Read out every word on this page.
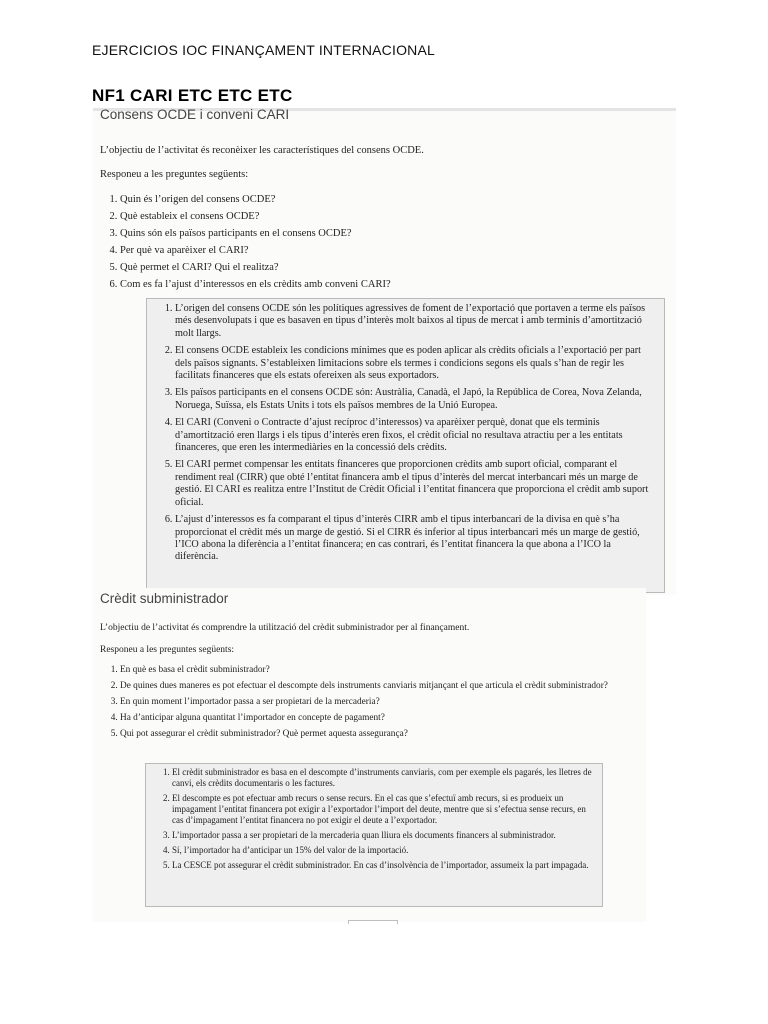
EJERCICIOS IOC FINANÇAMENT INTERNACIONAL
NF1 CARI ETC ETC ETC
Consens OCDE i conveni CARI
L’objectiu de l’activitat és reconèixer les característiques del consens OCDE.
Responeu a les preguntes següents:
1. Quin és l’origen del consens OCDE?
2. Què estableix el consens OCDE?
3. Quins són els països participants en el consens OCDE?
4. Per què va aparèixer el CARI?
5. Què permet el CARI? Qui el realitza?
6. Com es fa l’ajust d’interessos en els crèdits amb conveni CARI?
1. L’origen del consens OCDE són les polítiques agressives de foment de l’exportació que portaven a terme els països més desenvolupats i que es basaven en tipus d’interès molt baixos al tipus de mercat i amb terminis d’amortització molt llargs.
2. El consens OCDE estableix les condicions mínimes que es poden aplicar als crèdits oficials a l’exportació per part dels països signants. S’estableixen limitacions sobre els termes i condicions segons els quals s’han de regir les facilitats financeres que els estats ofereixen als seus exportadors.
3. Els països participants en el consens OCDE són: Austràlia, Canadà, el Japó, la República de Corea, Nova Zelanda, Noruega, Suïssa, els Estats Units i tots els països membres de la Unió Europea.
4. El CARI (Conveni o Contracte d’ajust recíproc d’interessos) va aparèixer perquè, donat que els terminis d’amortització eren llargs i els tipus d’interès eren fixos, el crèdit oficial no resultava atractiu per a les entitats financeres, que eren les intermediàries en la concessió dels crèdits.
5. El CARI permet compensar les entitats financeres que proporcionen crèdits amb suport oficial, comparant el rendiment real (CIRR) que obté l’entitat financera amb el tipus d’interès del mercat interbancari més un marge de gestió. El CARI es realitza entre l’Institut de Crèdit Oficial i l’entitat financera que proporciona el crèdit amb suport oficial.
6. L’ajust d’interessos es fa comparant el tipus d’interès CIRR amb el tipus interbancari de la divisa en què s’ha proporcionat el crèdit més un marge de gestió. Si el CIRR és inferior al tipus interbancari més un marge de gestió, l’ICO abona la diferència a l’entitat financera; en cas contrari, és l’entitat financera la que abona a l’ICO la diferència.
Crèdit subministrador
L’objectiu de l’activitat és comprendre la utilització del crèdit subministrador per al finançament.
Responeu a les preguntes següents:
1. En què es basa el crèdit subministrador?
2. De quines dues maneres es pot efectuar el descompte dels instruments canviaris mitjançant el que articula el crèdit subministrador?
3. En quin moment l’importador passa a ser propietari de la mercaderia?
4. Ha d’anticipar alguna quantitat l’importador en concepte de pagament?
5. Qui pot assegurar el crèdit subministrador? Què permet aquesta assegurança?
1. El crèdit subministrador es basa en el descompte d’instruments canviaris, com per exemple els pagarés, les lletres de canvi, els crèdits documentaris o les factures.
2. El descompte es pot efectuar amb recurs o sense recurs. En el cas que s’efectuï amb recurs, si es produeix un impagament l’entitat financera pot exigir a l’exportador l’import del deute, mentre que si s’efectua sense recurs, en cas d’impagament l’entitat financera no pot exigir el deute a l’exportador.
3. L’importador passa a ser propietari de la mercaderia quan lliura els documents financers al subministrador.
4. Sí, l’importador ha d’anticipar un 15% del valor de la importació.
5. La CESCE pot assegurar el crèdit subministrador. En cas d’insolvència de l’importador, assumeix la part impagada.
